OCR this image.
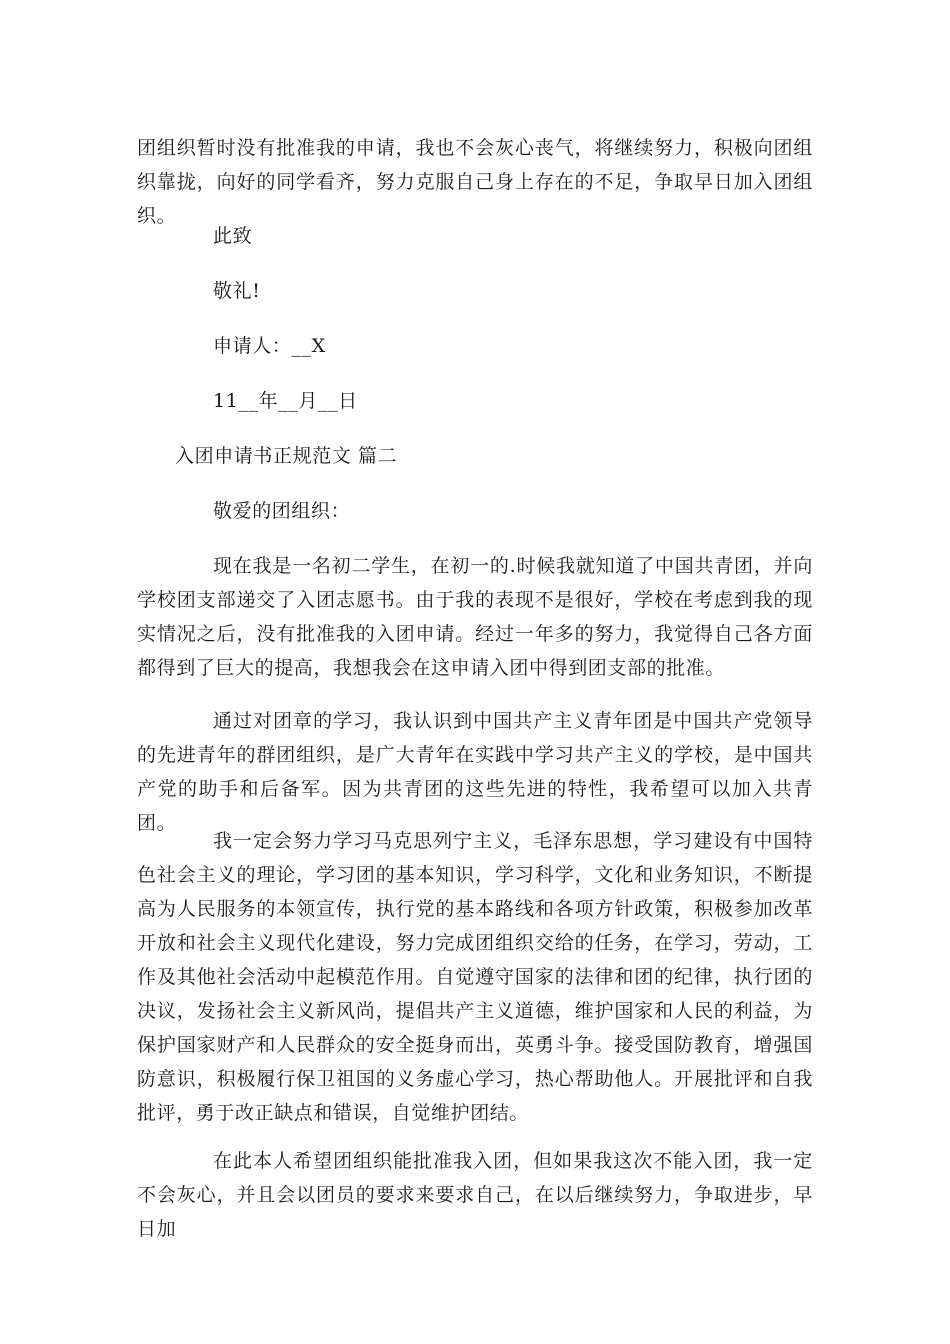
团组织暂时没有批准我的申请，我也不会灰心丧气，将继续努力，积极向团组织靠拢，向好的同学看齐，努力克服自己身上存在的不足，争取早日加入团组织。

此致

敬礼!

申请人：__X

11__年__月__日

入团申请书正规范文 篇二

敬爱的团组织：

现在我是一名初二学生，在初一的.时候我就知道了中国共青团，并向学校团支部递交了入团志愿书。由于我的表现不是很好，学校在考虑到我的现实情况之后，没有批准我的入团申请。经过一年多的努力，我觉得自己各方面都得到了巨大的提高，我想我会在这申请入团中得到团支部的批准。

通过对团章的学习，我认识到中国共产主义青年团是中国共产党领导的先进青年的群团组织，是广大青年在实践中学习共产主义的学校，是中国共产党的助手和后备军。因为共青团的这些先进的特性，我希望可以加入共青团。

我一定会努力学习马克思列宁主义，毛泽东思想，学习建设有中国特色社会主义的理论，学习团的基本知识，学习科学，文化和业务知识，不断提高为人民服务的本领宣传，执行党的基本路线和各项方针政策，积极参加改革开放和社会主义现代化建设，努力完成团组织交给的任务，在学习，劳动，工作及其他社会活动中起模范作用。自觉遵守国家的法律和团的纪律，执行团的决议，发扬社会主义新风尚，提倡共产主义道德，维护国家和人民的利益，为保护国家财产和人民群众的安全挺身而出，英勇斗争。接受国防教育，增强国防意识，积极履行保卫祖国的义务虚心学习，热心帮助他人。开展批评和自我批评，勇于改正缺点和错误，自觉维护团结。

在此本人希望团组织能批准我入团，但如果我这次不能入团，我一定不会灰心，并且会以团员的要求来要求自己，在以后继续努力，争取进步，早日加
